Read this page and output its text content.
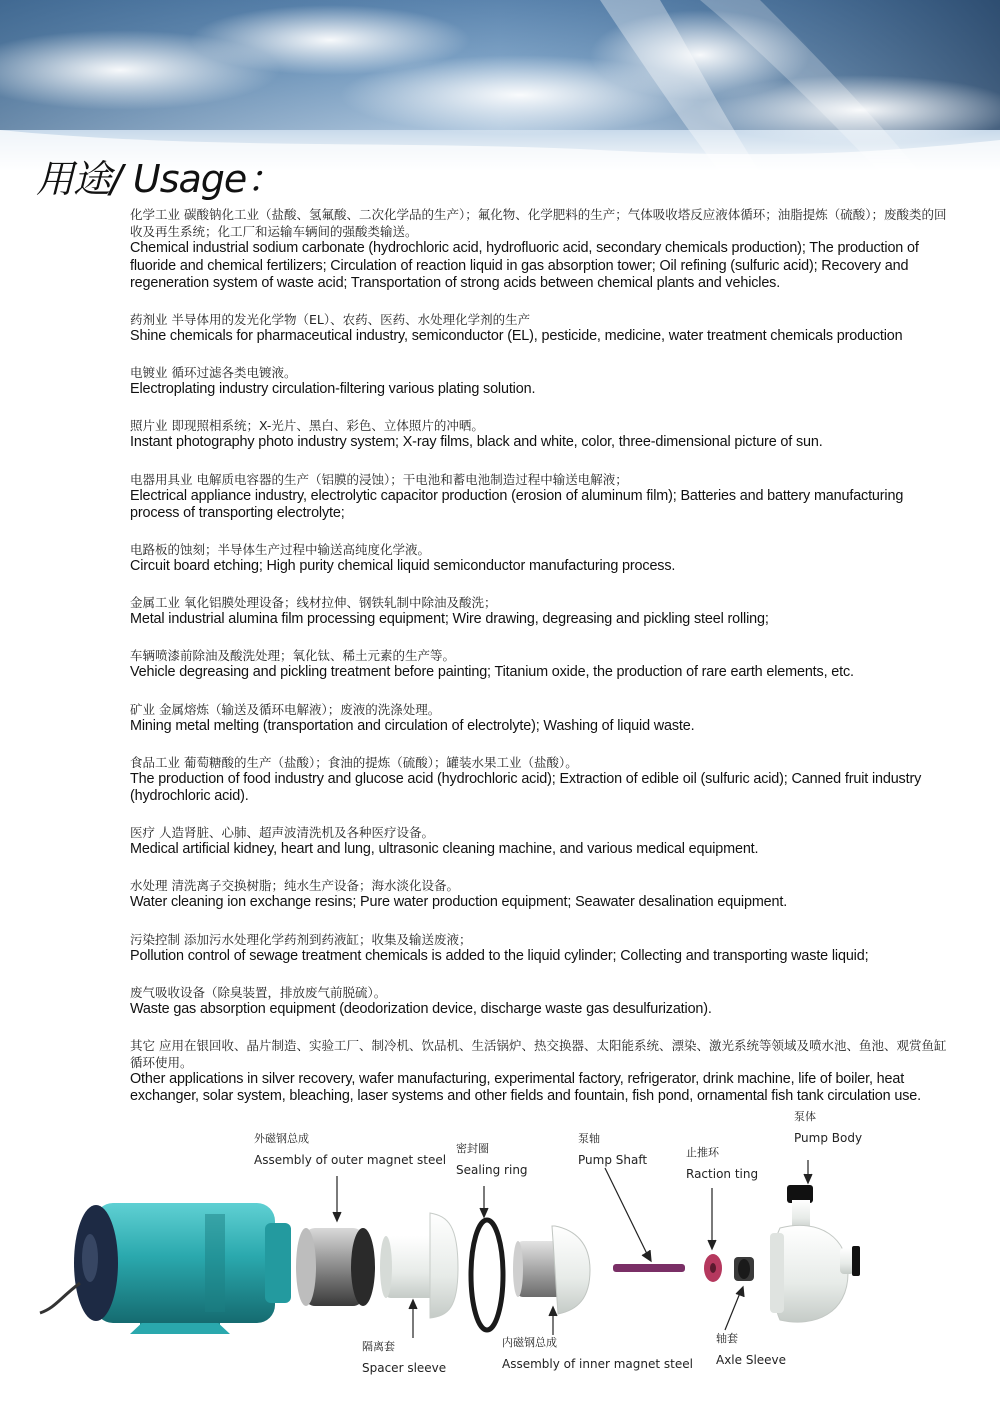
用途/ Usage：
化学工业 碳酸钠化工业（盐酸、氢氟酸、二次化学品的生产）；氟化物、化学肥料的生产；气体吸收塔反应液体循环；油脂提炼（硫酸）；废酸类的回收及再生系统；化工厂和运输车辆间的强酸类输送。
Chemical industrial sodium carbonate (hydrochloric acid, hydrofluoric acid, secondary chemicals production); The production of fluoride and chemical fertilizers; Circulation of reaction liquid in gas absorption tower; Oil refining (sulfuric acid); Recovery and regeneration system of waste acid; Transportation of strong acids between chemical plants and vehicles.
药剂业 半导体用的发光化学物（EL）、农药、医药、水处理化学剂的生产
Shine chemicals for pharmaceutical industry, semiconductor (EL), pesticide, medicine, water treatment chemicals production
电镀业 循环过滤各类电镀液。
Electroplating industry circulation-filtering various plating solution.
照片业 即现照相系统；X-光片、黑白、彩色、立体照片的冲晒。
Instant photography photo industry system; X-ray films, black and white, color, three-dimensional picture of sun.
电器用具业 电解质电容器的生产（铝膜的浸蚀）；干电池和蓄电池制造过程中输送电解液；
Electrical appliance industry, electrolytic capacitor production (erosion of aluminum film); Batteries and battery manufacturing process of transporting electrolyte;
电路板的蚀刻；半导体生产过程中输送高纯度化学液。
Circuit board etching; High purity chemical liquid semiconductor manufacturing process.
金属工业 氧化铝膜处理设备；线材拉伸、钢铁轧制中除油及酸洗；
Metal industrial alumina film processing equipment; Wire drawing, degreasing and pickling steel rolling;
车辆喷漆前除油及酸洗处理；氧化钛、稀土元素的生产等。
Vehicle degreasing and pickling treatment before painting; Titanium oxide, the production of rare earth elements, etc.
矿业 金属熔炼（输送及循环电解液）；废液的洗涤处理。
Mining metal melting (transportation and circulation of electrolyte); Washing of liquid waste.
食品工业 葡萄糖酸的生产（盐酸）；食油的提炼（硫酸）；罐装水果工业（盐酸）。
The production of food industry and glucose acid (hydrochloric acid); Extraction of edible oil (sulfuric acid); Canned fruit industry (hydrochloric acid).
医疗 人造肾脏、心肺、超声波清洗机及各种医疗设备。
Medical artificial kidney, heart and lung, ultrasonic cleaning machine, and various medical equipment.
水处理 清洗离子交换树脂；纯水生产设备；海水淡化设备。
Water cleaning ion exchange resins; Pure water production equipment; Seawater desalination equipment.
污染控制 添加污水处理化学药剂到药液缸；收集及输送废液；
Pollution control of sewage treatment chemicals is added to the liquid cylinder; Collecting and transporting waste liquid;
废气吸收设备（除臭装置，排放废气前脱硫）。
Waste gas absorption equipment (deodorization device, discharge waste gas desulfurization).
其它 应用在银回收、晶片制造、实验工厂、制冷机、饮品机、生活锅炉、热交换器、太阳能系统、漂染、激光系统等领域及喷水池、鱼池、观赏鱼缸循环使用。
Other applications in silver recovery, wafer manufacturing, experimental factory, refrigerator, drink machine, life of boiler, heat exchanger, solar system, bleaching, laser systems and other fields and fountain, fish pond, ornamental fish tank circulation use.
外磁钢总成
Assembly of outer magnet steel
密封圈
Sealing ring
泵轴
Pump Shaft
止推环
Raction ting
泵体
Pump Body
隔离套
Spacer sleeve
内磁钢总成
Assembly of inner magnet steel
轴套
Axle Sleeve
